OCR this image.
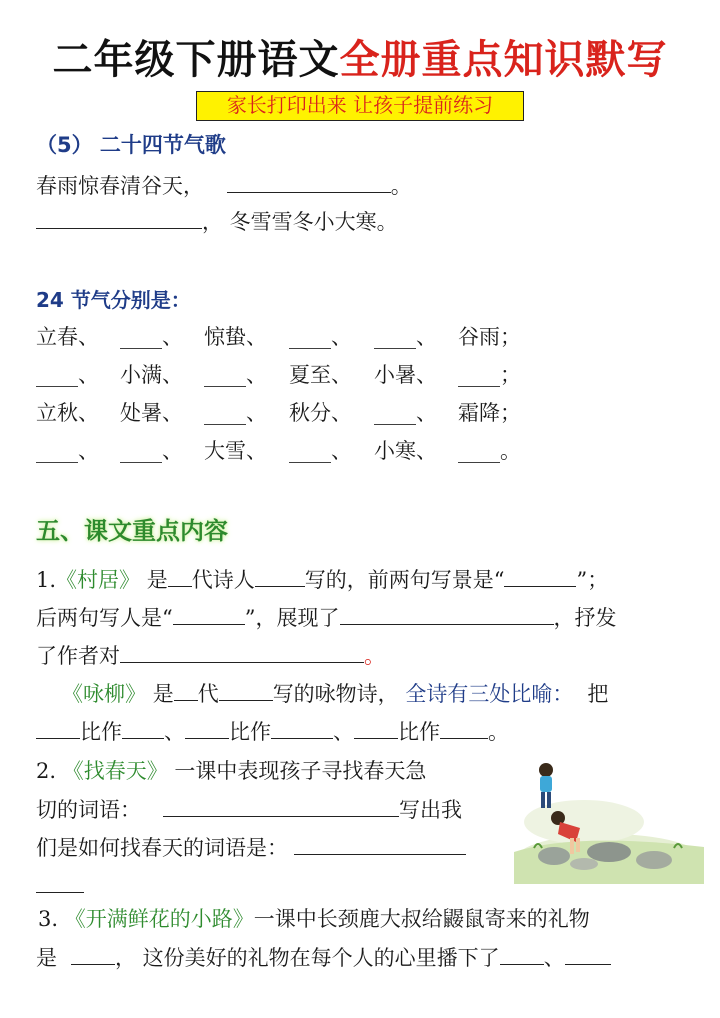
二年级下册语文全册重点知识默写
家长打印出来 让孩子提前练习
（5） 二十四节气歌
春雨惊春清谷天，	。
， 冬雪雪冬小大寒。
24 节气分别是：
立春、 ____、 惊蛰、 ____、 ____、 谷雨；
____、 小满、 ____、 夏至、 小暑、 ____；
立秋、 处暑、 ____、 秋分、 ____、 霜降；
____、 ____、 大雪、 ____、 小寒、 ____。
五、课文重点内容
1.《村居》 是 代诗人 写的，前两句写景是“	”；
后两句写人是“	”，展现了	，抒发
了作者对	。
《咏柳》 是 代	写的咏物诗， 全诗有三处比喻： 把
比作 、 比作	、 比作 。
2. 《找春天》 一课中表现孩子寻找春天急
切的词语：	写出我
们是如何找春天的词语是：
3. 《开满鲜花的小路》一课中长颈鹿大叔给鼹鼠寄来的礼物
是	， 这份美好的礼物在每个人的心里播下了 、
